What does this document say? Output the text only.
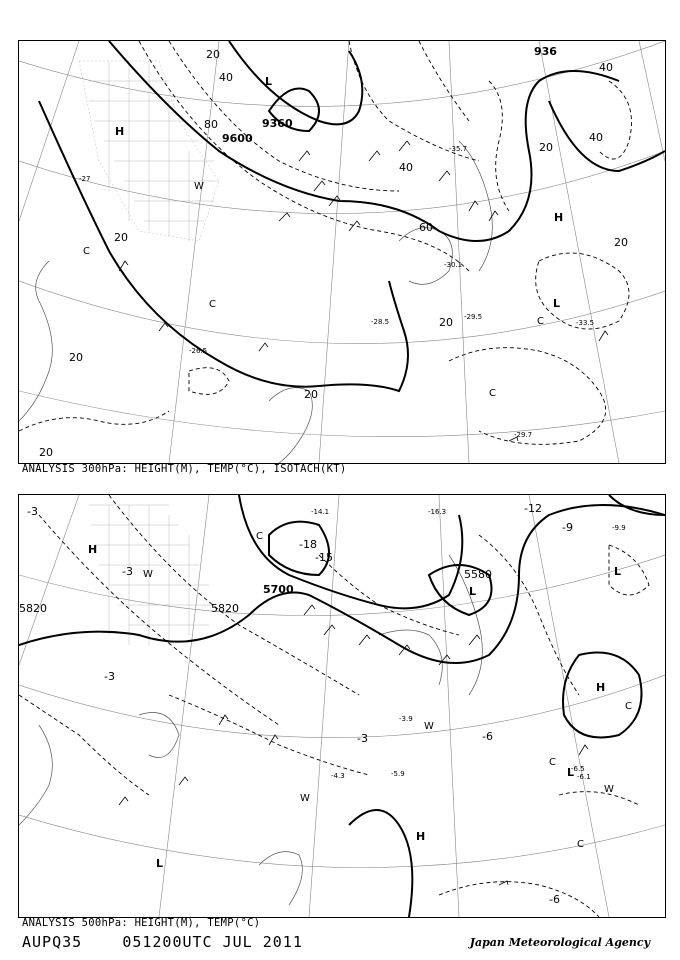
9360
9600
936
20
40
60
80
20
20
20
20
20
20
20
40
40
40
H
H
L
L
C
C
C
C
W
-27
-29.5
-33.5
-26.5
-28.5
-35.7
-30.1
-29.7
ANALYSIS 300hPa: HEIGHT(M), TEMP(°C), ISOTACH(KT)
5700
5820	5820
5580
-3
-3
-3
-3	-6
-6
-9
-12
-15
-18
H
H
H
L
L
L
L
C
C
C
C
W
W
W
W
-6.5
-5.9
-4.3	-6.1
-3.9
-14.1	-16.3
-9.9
ANALYSIS 500hPa: HEIGHT(M), TEMP(°C)
AUPQ35	051200UTC JUL 2011	Japan Meteorological Agency
